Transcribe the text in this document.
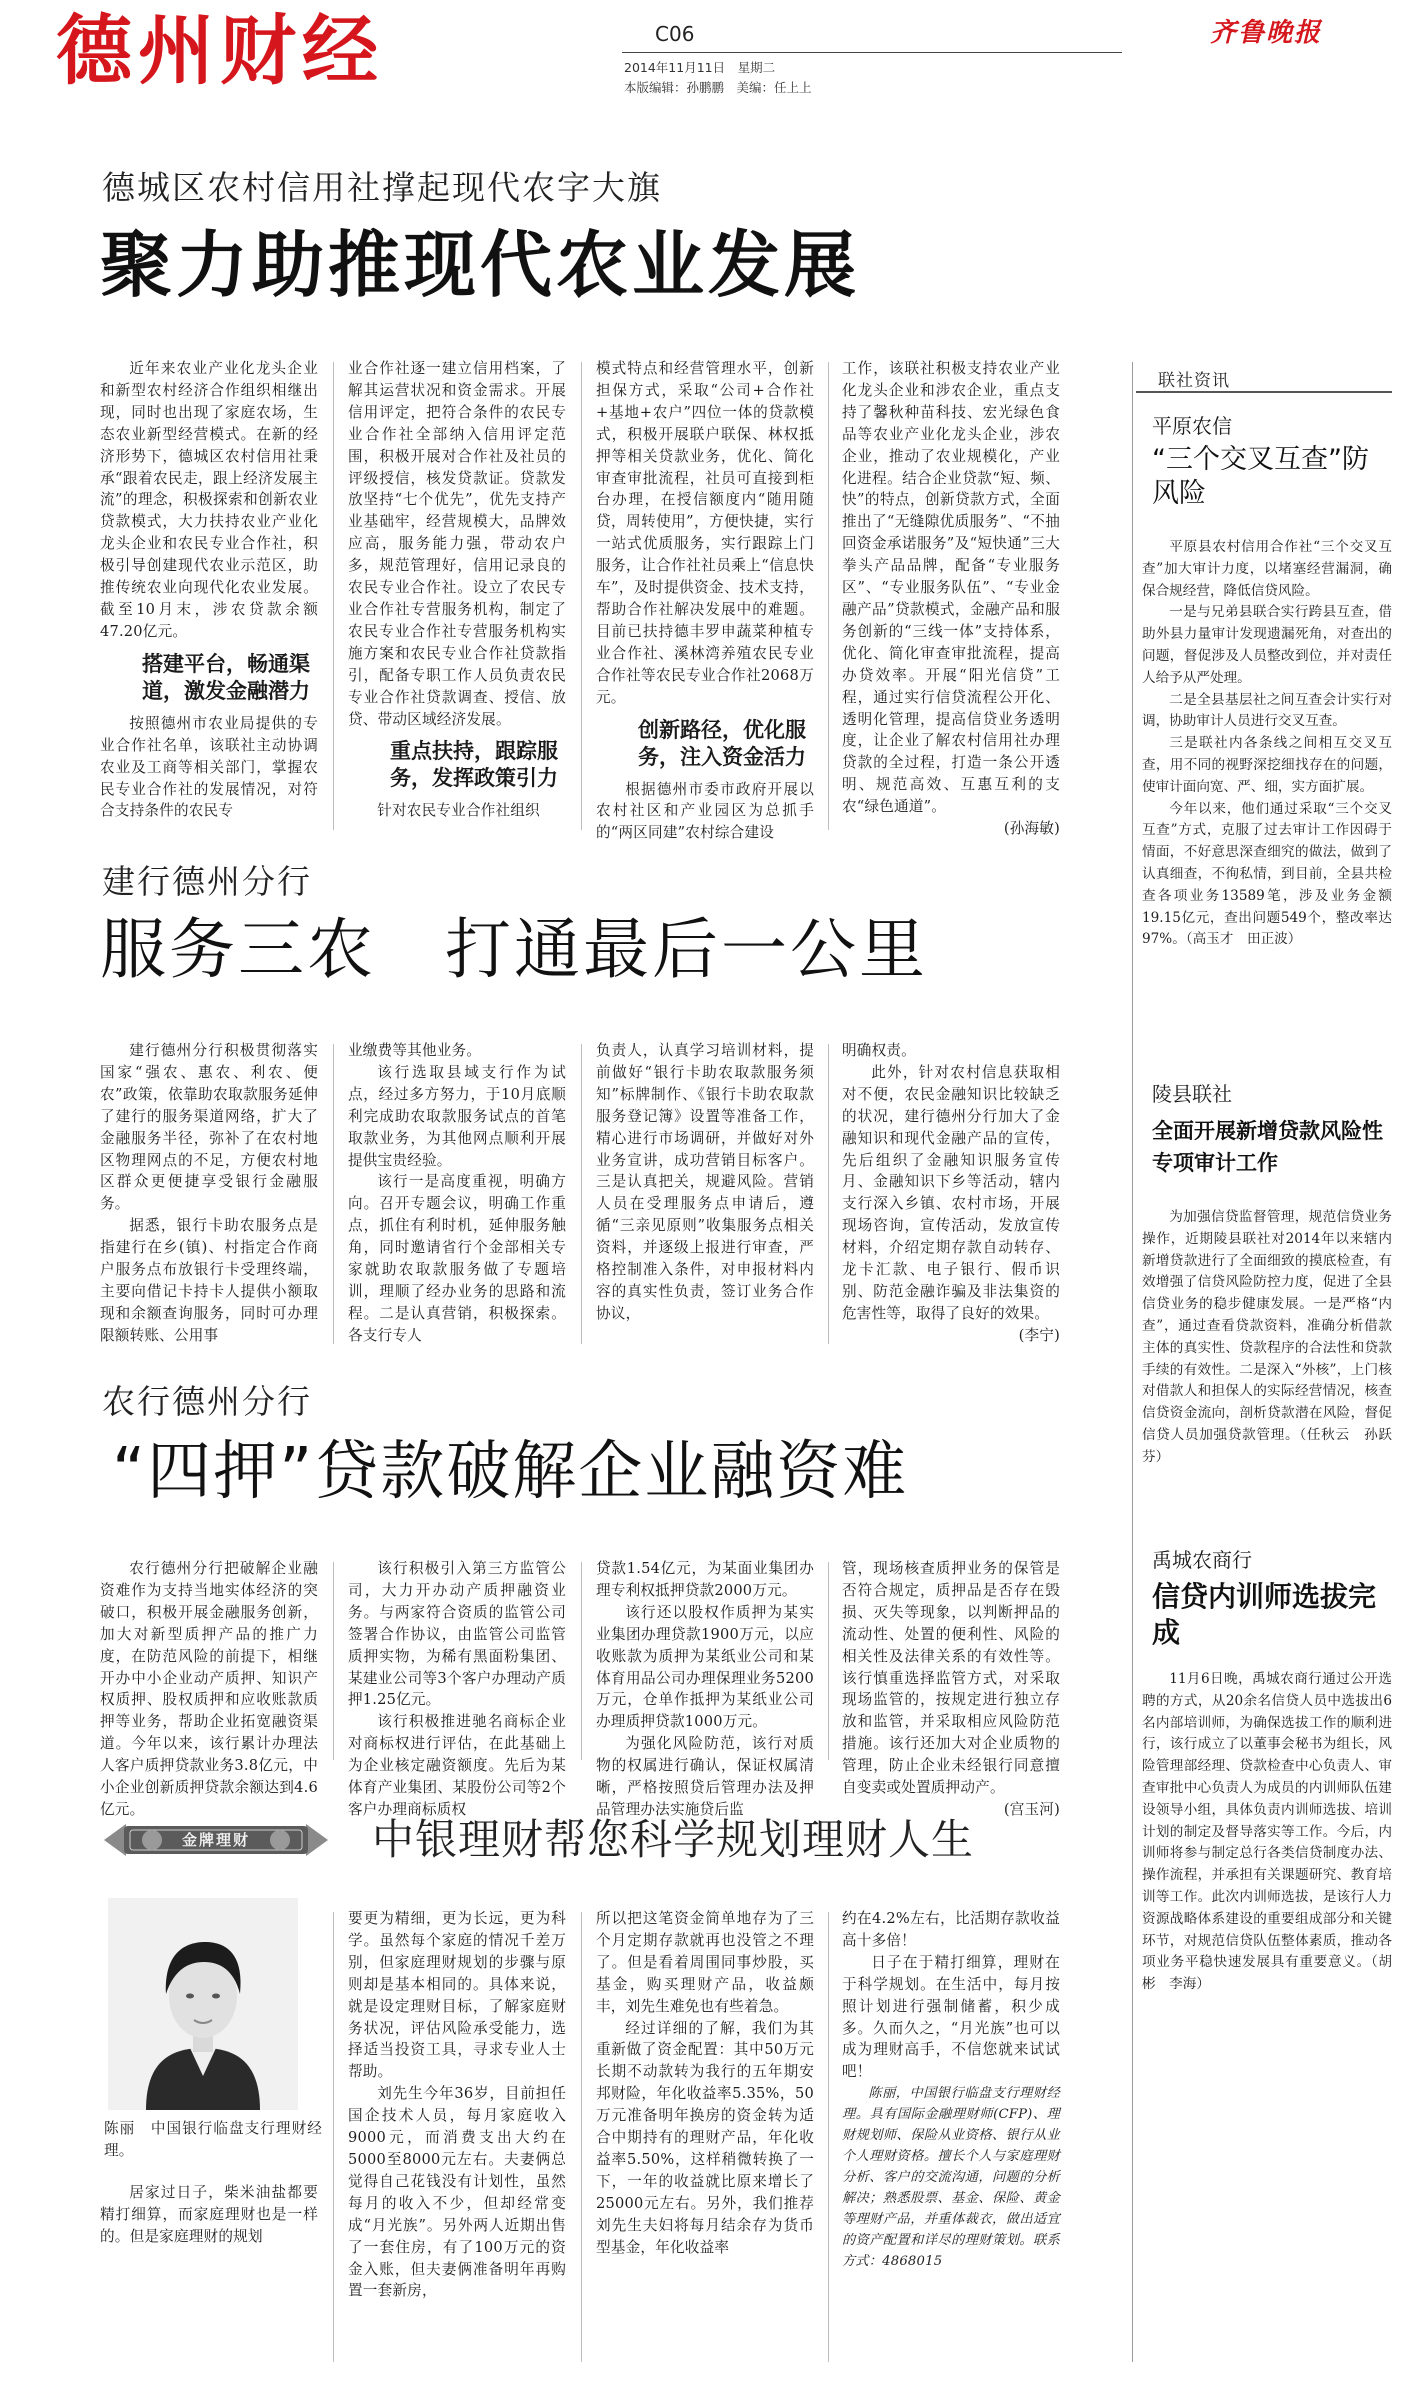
德州财经	C06
2014年11月11日　星期二
本版编辑：孙鹏鹏　美编：任上上
齐鲁晚报
德城区农村信用社撑起现代农字大旗
聚力助推现代农业发展
近年来农业产业化龙头企业和新型农村经济合作组织相继出现，同时也出现了家庭农场，生态农业新型经营模式。在新的经济形势下，德城区农村信用社秉承“跟着农民走，跟上经济发展主流”的理念，积极探索和创新农业贷款模式，大力扶持农业产业化龙头企业和农民专业合作社，积极引导创建现代农业示范区，助推传统农业向现代化农业发展。截至10月末，涉农贷款余额47.20亿元。
搭建平台，畅通渠道，激发金融潜力
按照德州市农业局提供的专业合作社名单，该联社主动协调农业及工商等相关部门，掌握农民专业合作社的发展情况，对符合支持条件的农民专
业合作社逐一建立信用档案，了解其运营状况和资金需求。开展信用评定，把符合条件的农民专业合作社全部纳入信用评定范围，积极开展对合作社及社员的评级授信，核发贷款证。贷款发放坚持“七个优先”，优先支持产业基础牢，经营规模大，品牌效应高，服务能力强，带动农户多，规范管理好，信用记录良的农民专业合作社。设立了农民专业合作社专营服务机构，制定了农民专业合作社专营服务机构实施方案和农民专业合作社贷款指引，配备专职工作人员负责农民专业合作社贷款调查、授信、放贷、带动区域经济发展。
重点扶持，跟踪服务，发挥政策引力
针对农民专业合作社组织
模式特点和经营管理水平，创新担保方式，采取“公司+合作社+基地+农户”四位一体的贷款模式，积极开展联户联保、林权抵押等相关贷款业务，优化、简化审查审批流程，社员可直接到柜台办理，在授信额度内“随用随贷，周转使用”，方便快捷，实行一站式优质服务，实行跟踪上门服务，让合作社社员乘上“信息快车”，及时提供资金、技术支持，帮助合作社解决发展中的难题。目前已扶持德丰罗申蔬菜种植专业合作社、溪林湾养殖农民专业合作社等农民专业合作社2068万元。
创新路径，优化服务，注入资金活力
根据德州市委市政府开展以农村社区和产业园区为总抓手的“两区同建”农村综合建设
工作，该联社积极支持农业产业化龙头企业和涉农企业，重点支持了馨秋种苗科技、宏光绿色食品等农业产业化龙头企业，涉农企业，推动了农业规模化，产业化进程。结合企业贷款“短、频、快”的特点，创新贷款方式，全面推出了“无缝隙优质服务”、“不抽回资金承诺服务”及“短快通”三大拳头产品品牌，配备“专业服务区”、“专业服务队伍”、“专业金融产品”贷款模式，金融产品和服务创新的“三线一体”支持体系，优化、简化审查审批流程，提高办贷效率。开展“阳光信贷”工程，通过实行信贷流程公开化、透明化管理，提高信贷业务透明度，让企业了解农村信用社办理贷款的全过程，打造一条公开透明、规范高效、互惠互利的支农“绿色通道”。
(孙海敏)
建行德州分行
服务三农　打通最后一公里
建行德州分行积极贯彻落实国家“强农、惠农、利农、便农”政策，依靠助农取款服务延伸了建行的服务渠道网络，扩大了金融服务半径，弥补了在农村地区物理网点的不足，方便农村地区群众更便捷享受银行金融服务。
据悉，银行卡助农服务点是指建行在乡(镇)、村指定合作商户服务点布放银行卡受理终端，主要向借记卡持卡人提供小额取现和余额查询服务，同时可办理限额转账、公用事
业缴费等其他业务。
该行选取县域支行作为试点，经过多方努力，于10月底顺利完成助农取款服务试点的首笔取款业务，为其他网点顺利开展提供宝贵经验。
该行一是高度重视，明确方向。召开专题会议，明确工作重点，抓住有利时机，延伸服务触角，同时邀请省行个金部相关专家就助农取款服务做了专题培训，理顺了经办业务的思路和流程。二是认真营销，积极探索。各支行专人
负责人，认真学习培训材料，提前做好“银行卡助农取款服务须知”标牌制作、《银行卡助农取款服务登记簿》设置等准备工作，精心进行市场调研，并做好对外业务宣讲，成功营销目标客户。三是认真把关，规避风险。营销人员在受理服务点申请后，遵循“三亲见原则”收集服务点相关资料，并逐级上报进行审查，严格控制准入条件，对申报材料内容的真实性负责，签订业务合作协议，
明确权责。
此外，针对农村信息获取相对不便，农民金融知识比较缺乏的状况，建行德州分行加大了金融知识和现代金融产品的宣传，先后组织了金融知识服务宣传月、金融知识下乡等活动，辖内支行深入乡镇、农村市场，开展现场咨询，宣传活动，发放宣传材料，介绍定期存款自动转存、龙卡汇款、电子银行、假币识别、防范金融诈骗及非法集资的危害性等，取得了良好的效果。
(李宁)
农行德州分行
“四押”贷款破解企业融资难
农行德州分行把破解企业融资难作为支持当地实体经济的突破口，积极开展金融服务创新，加大对新型质押产品的推广力度，在防范风险的前提下，相继开办中小企业动产质押、知识产权质押、股权质押和应收账款质押等业务，帮助企业拓宽融资渠道。今年以来，该行累计办理法人客户质押贷款业务3.8亿元，中小企业创新质押贷款余额达到4.6亿元。
该行积极引入第三方监管公司，大力开办动产质押融资业务。与两家符合资质的监管公司签署合作协议，由监管公司监管质押实物，为稀有黑面粉集团、某建业公司等3个客户办理动产质押1.25亿元。
该行积极推进驰名商标企业对商标权进行评估，在此基础上为企业核定融资额度。先后为某体育产业集团、某股份公司等2个客户办理商标质权
贷款1.54亿元，为某面业集团办理专利权抵押贷款2000万元。
该行还以股权作质押为某实业集团办理贷款1900万元，以应收账款为质押为某纸业公司和某体育用品公司办理保理业务5200万元，仓单作抵押为某纸业公司办理质押贷款1000万元。
为强化风险防范，该行对质物的权属进行确认，保证权属清晰，严格按照贷后管理办法及押品管理办法实施贷后监
管，现场核查质押业务的保管是否符合规定，质押品是否存在毁损、灭失等现象，以判断押品的流动性、处置的便利性、风险的相关性及法律关系的有效性等。该行慎重选择监管方式，对采取现场监管的，按规定进行独立存放和监管，并采取相应风险防范措施。该行还加大对企业质物的管理，防止企业未经银行同意擅自变卖或处置质押动产。
(宫玉河)
金牌理财	中银理财帮您科学规划理财人生
陈丽　中国银行临盘支行理财经理。
居家过日子，柴米油盐都要精打细算，而家庭理财也是一样的。但是家庭理财的规划
要更为精细，更为长远，更为科学。虽然每个家庭的情况千差万别，但家庭理财规划的步骤与原则却是基本相同的。具体来说，就是设定理财目标，了解家庭财务状况，评估风险承受能力，选择适当投资工具，寻求专业人士帮助。
刘先生今年36岁，目前担任国企技术人员，每月家庭收入9000元，而消费支出大约在5000至8000元左右。夫妻俩总觉得自己花钱没有计划性，虽然每月的收入不少，但却经常变成“月光族”。另外两人近期出售了一套住房，有了100万元的资金入账，但夫妻俩准备明年再购置一套新房，
所以把这笔资金简单地存为了三个月定期存款就再也没管之不理了。但是看着周围同事炒股，买基金，购买理财产品，收益颇丰，刘先生难免也有些着急。
经过详细的了解，我们为其重新做了资金配置：其中50万元长期不动款转为我行的五年期安邦财险，年化收益率5.35%，50万元准备明年换房的资金转为适合中期持有的理财产品，年化收益率5.50%，这样稍微转换了一下，一年的收益就比原来增长了25000元左右。另外，我们推荐刘先生夫妇将每月结余存为货币型基金，年化收益率
约在4.2%左右，比活期存款收益高十多倍！
日子在于精打细算，理财在于科学规划。在生活中，每月按照计划进行强制储蓄，积少成多。久而久之，“月光族”也可以成为理财高手，不信您就来试试吧！
陈丽，中国银行临盘支行理财经理。具有国际金融理财师(CFP)、理财规划师、保险从业资格、银行从业个人理财资格。擅长个人与家庭理财分析、客户的交流沟通，问题的分析解决；熟悉股票、基金、保险、黄金等理财产品，并重体裁衣，做出适宜的资产配置和详尽的理财策划。联系方式：4868015
联社资讯
平原农信
“三个交叉互查”防风险
平原县农村信用合作社“三个交叉互查”加大审计力度，以堵塞经营漏洞，确保合规经营，降低信贷风险。
一是与兄弟县联合实行跨县互查，借助外县力量审计发现遗漏死角，对查出的问题，督促涉及人员整改到位，并对责任人给予从严处理。
二是全县基层社之间互查会计实行对调，协助审计人员进行交叉互查。
三是联社内各条线之间相互交叉互查，用不同的视野深挖细找存在的问题，使审计面向宽、严、细，实方面扩展。
今年以来，他们通过采取“三个交叉互查”方式，克服了过去审计工作因碍于情面，不好意思深查细究的做法，做到了认真细查，不徇私情，到目前，全县共检查各项业务13589笔，涉及业务金额19.15亿元，查出问题549个，整改率达97%。（高玉才　田正波）
陵县联社
全面开展新增贷款风险性专项审计工作
为加强信贷监督管理，规范信贷业务操作，近期陵县联社对2014年以来辖内新增贷款进行了全面细致的摸底检查，有效增强了信贷风险防控力度，促进了全县信贷业务的稳步健康发展。一是严格“内查”，通过查看贷款资料，准确分析借款主体的真实性、贷款程序的合法性和贷款手续的有效性。二是深入“外核”，上门核对借款人和担保人的实际经营情况，核查信贷资金流向，剖析贷款潜在风险，督促信贷人员加强贷款管理。（任秋云　孙跃芬）
禹城农商行
信贷内训师选拔完成
11月6日晚，禹城农商行通过公开选聘的方式，从20余名信贷人员中选拔出6名内部培训师，为确保选拔工作的顺利进行，该行成立了以董事会秘书为组长，风险管理部经理、贷款检查中心负责人、审查审批中心负责人为成员的内训师队伍建设领导小组，具体负责内训师选拔、培训计划的制定及督导落实等工作。今后，内训师将参与制定总行各类信贷制度办法、操作流程，并承担有关课题研究、教育培训等工作。此次内训师选拔，是该行人力资源战略体系建设的重要组成部分和关键环节，对规范信贷队伍整体素质，推动各项业务平稳快速发展具有重要意义。（胡彬　李海）
